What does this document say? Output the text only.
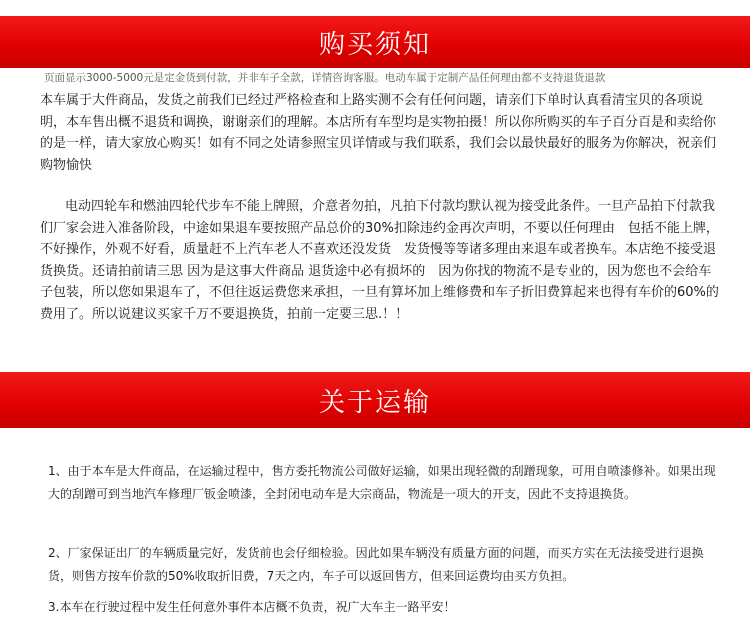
购买须知
页面显示3000-5000元是定金货到付款，并非车子全款，详情咨询客服。电动车属于定制产品任何理由都不支持退货退款

本车属于大件商品，发货之前我们已经过严格检查和上路实测不会有任何问题，请亲们下单时认真看清宝贝的各项说明，本车售出概不退货和调换，谢谢亲们的理解。本店所有车型均是实物拍摄！所以你所购买的车子百分百是和卖给你的是一样，请大家放心购买！如有不同之处请参照宝贝详情或与我们联系，我们会以最快最好的服务为你解决，祝亲们购物愉快

电动四轮车和燃油四轮代步车不能上牌照，介意者勿拍，凡拍下付款均默认视为接受此条件。一旦产品拍下付款我们厂家会进入准备阶段，中途如果退车要按照产品总价的30%扣除违约金再次声明，不要以任何理由　包括不能上牌，不好操作，外观不好看，质量赶不上汽车老人不喜欢还没发货　发货慢等等诸多理由来退车或者换车。本店绝不接受退货换货。还请拍前请三思 因为是这事大件商品 退货途中必有损坏的　因为你找的物流不是专业的，因为您也不会给车子包装，所以您如果退车了，不但往返运费您来承担，一旦有算坏加上维修费和车子折旧费算起来也得有车价的60%的费用了。所以说建议买家千万不要退换货，拍前一定要三思.！！

关于运输

1、由于本车是大件商品，在运输过程中，售方委托物流公司做好运输，如果出现轻微的刮蹭现象，可用自喷漆修补。如果出现大的刮蹭可到当地汽车修理厂钣金喷漆，全封闭电动车是大宗商品，物流是一项大的开支，因此不支持退换货。

2、厂家保证出厂的车辆质量完好，发货前也会仔细检验。因此如果车辆没有质量方面的问题，而买方实在无法接受进行退换货，则售方按车价款的50%收取折旧费，7天之内，车子可以返回售方，但来回运费均由买方负担。

3.本车在行驶过程中发生任何意外事件本店概不负责，祝广大车主一路平安！
